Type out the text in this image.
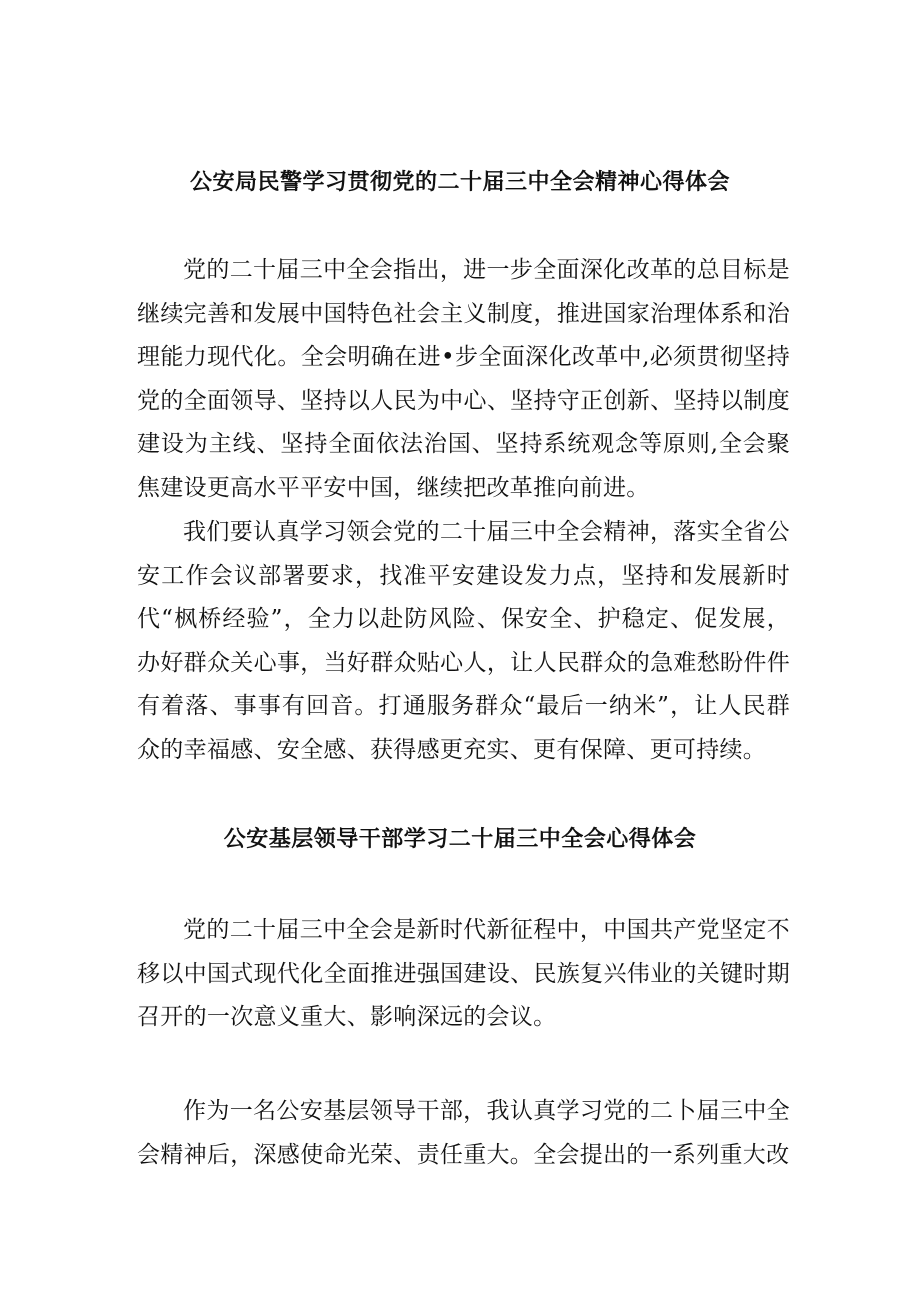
公安局民警学习贯彻党的二十届三中全会精神心得体会

党的二十届三中全会指出，进一步全面深化改革的总目标是继续完善和发展中国特色社会主义制度，推进国家治理体系和治理能力现代化。全会明确在进•步全面深化改革中,必须贯彻坚持党的全面领导、坚持以人民为中心、坚持守正创新、坚持以制度建设为主线、坚持全面依法治国、坚持系统观念等原则,全会聚焦建设更高水平平安中国，继续把改革推向前进。

我们要认真学习领会党的二十届三中全会精神，落实全省公安工作会议部署要求，找准平安建设发力点，坚持和发展新时代“枫桥经验”，全力以赴防风险、保安全、护稳定、促发展，办好群众关心事，当好群众贴心人，让人民群众的急难愁盼件件有着落、事事有回音。打通服务群众“最后一纳米”，让人民群众的幸福感、安全感、获得感更充实、更有保障、更可持续。

公安基层领导干部学习二十届三中全会心得体会

党的二十届三中全会是新时代新征程中，中国共产党坚定不移以中国式现代化全面推进强国建设、民族复兴伟业的关键时期召开的一次意义重大、影响深远的会议。

作为一名公安基层领导干部，我认真学习党的二卜届三中全会精神后，深感使命光荣、责任重大。全会提出的一系列重大改
